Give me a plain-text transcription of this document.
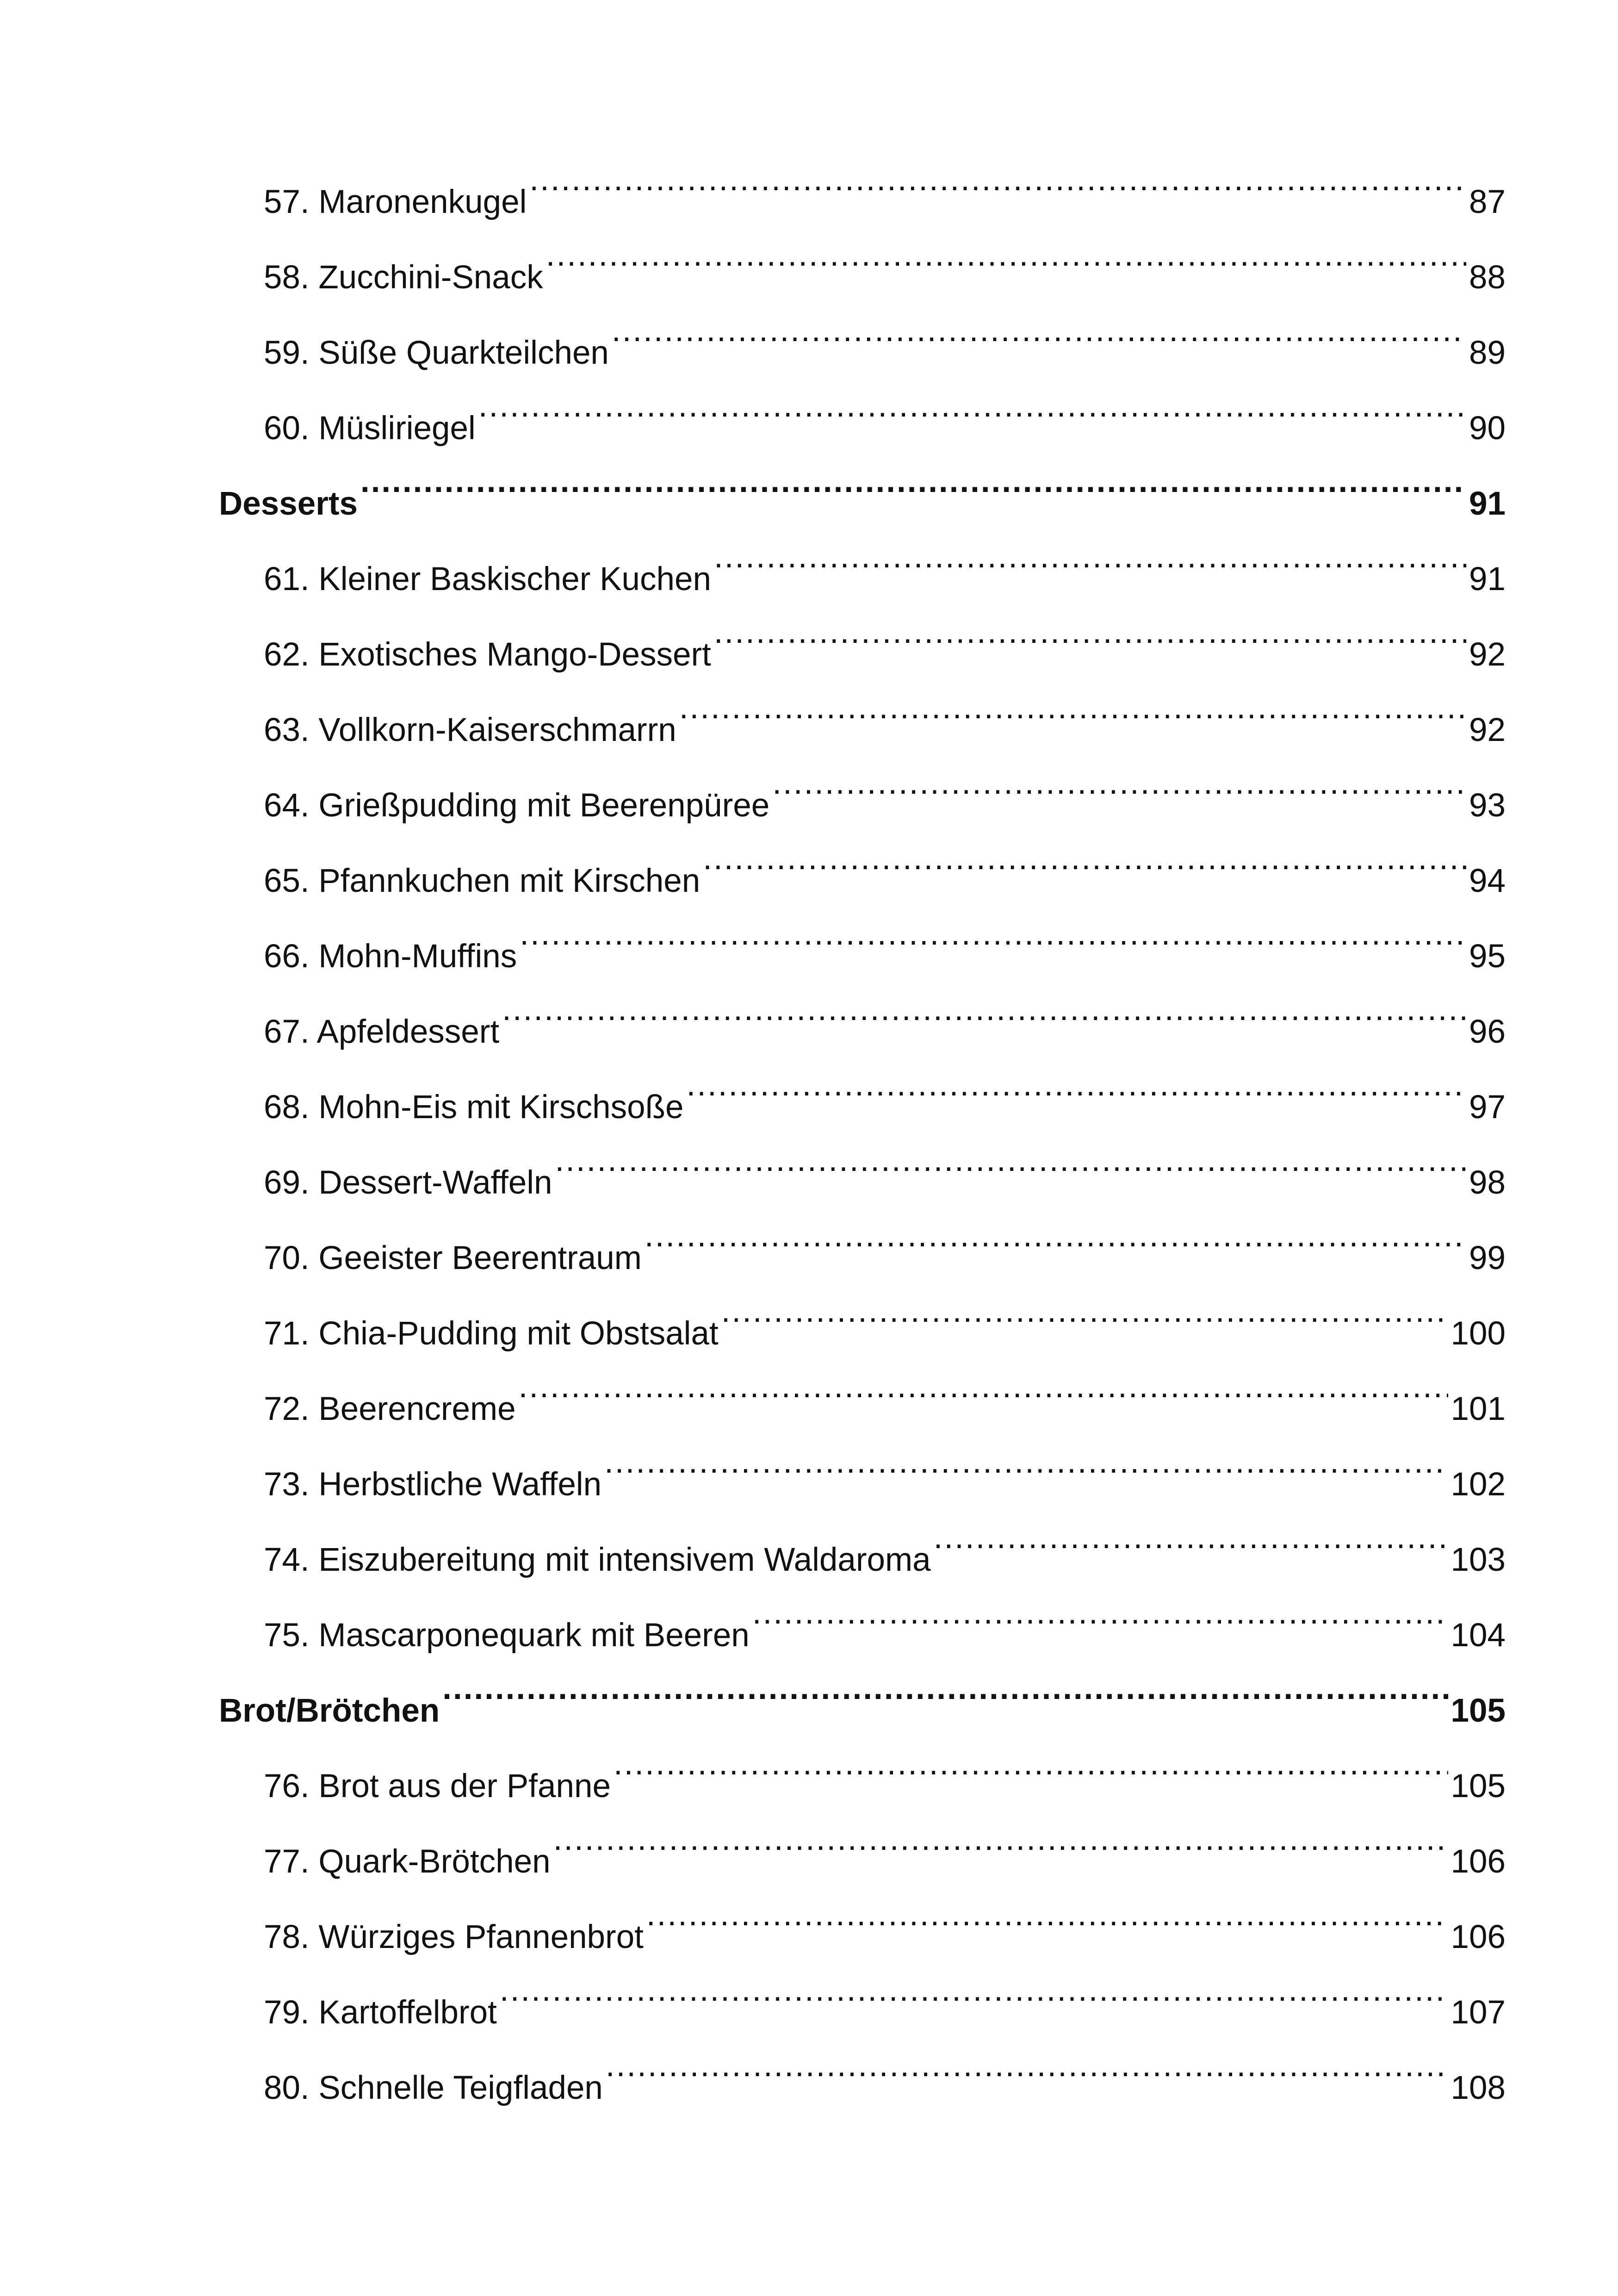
57. Maronenkugel .....	87
58. Zucchini-Snack .....	88
59. Süße Quarkteilchen .....	89
60. Müsliriegel .....	90
Desserts .....	91
61. Kleiner Baskischer Kuchen .....	91
62. Exotisches Mango-Dessert .....	92
63. Vollkorn-Kaiserschmarrn .....	92
64. Grießpudding mit Beerenpüree .....	93
65. Pfannkuchen mit Kirschen .....	94
66. Mohn-Muffins .....	95
67. Apfeldessert .....	96
68. Mohn-Eis mit Kirschsoße .....	97
69. Dessert-Waffeln .....	98
70. Geeister Beerentraum .....	99
71. Chia-Pudding mit Obstsalat .....	100
72. Beerencreme .....	101
73. Herbstliche Waffeln .....	102
74. Eiszubereitung mit intensivem Waldaroma .....	103
75. Mascarponequark mit Beeren .....	104
Brot/Brötchen .....	105
76. Brot aus der Pfanne .....	105
77. Quark-Brötchen .....	106
78. Würziges Pfannenbrot .....	106
79. Kartoffelbrot .....	107
80. Schnelle Teigfladen .....	108
